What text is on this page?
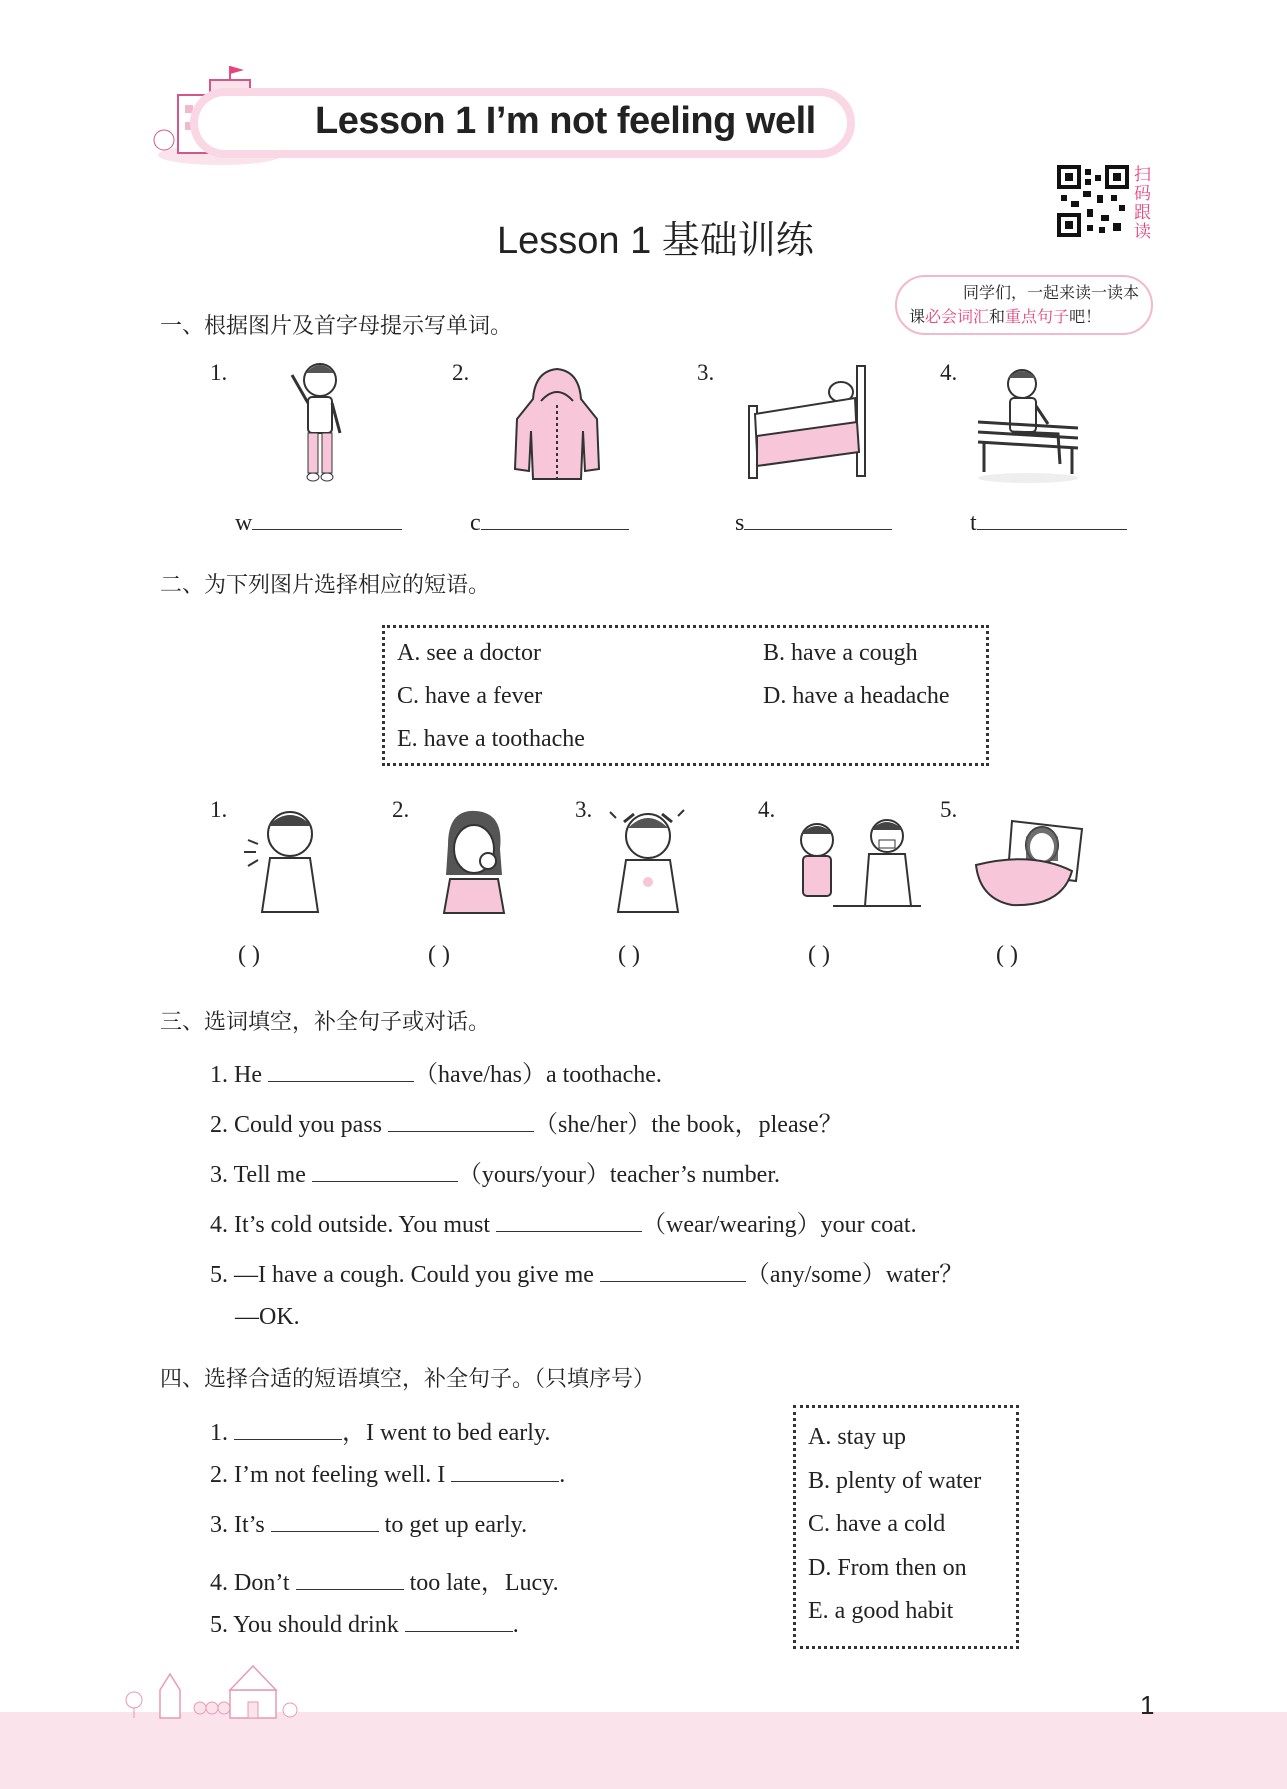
Lesson 1 I’m not feeling well
扫
码
跟
读
Lesson 1 基础训练
同学们，一起来读一读本
课必会词汇和重点句子吧！
一、根据图片及首字母提示写单词。
1.	2.	3.	4.
w	c	s	t
二、为下列图片选择相应的短语。
A. see a doctor	B. have a cough
C. have a fever	D. have a headache
E. have a toothache
1.	2.	3.	4.	5.
( )	( )	( )	( )	( )
三、选词填空，补全句子或对话。
1. He	（have/has）a toothache.
2. Could you pass	（she/her）the book，please？
3. Tell me	（yours/your）teacher’s number.
4. It’s cold outside. You must	（wear/wearing）your coat.
5. —I have a cough. Could you give me	（any/some）water？
—OK.
四、选择合适的短语填空，补全句子。（只填序号）
1.	，I went to bed early.
2. I’m not feeling well. I	.
3. It’s	to get up early.
4. Don’t	too late，Lucy.
5. You should drink	.
A. stay up
B. plenty of water
C. have a cold
D. From then on
E. a good habit
1
